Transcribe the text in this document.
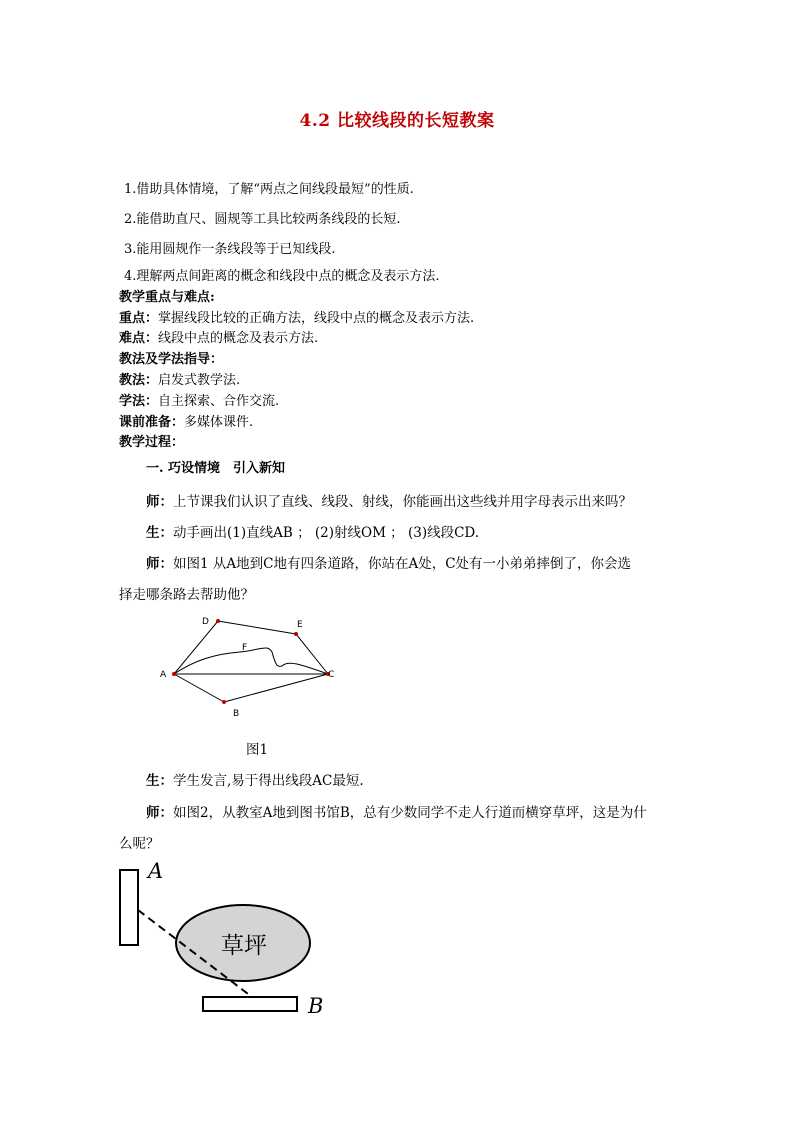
4.2 比较线段的长短教案
1.借助具体情境，了解“两点之间线段最短”的性质.
2.能借助直尺、圆规等工具比较两条线段的长短.
3.能用圆规作一条线段等于已知线段.
4.理解两点间距离的概念和线段中点的概念及表示方法.
教学重点与难点:
重点：掌握线段比较的正确方法，线段中点的概念及表示方法.
难点：线段中点的概念及表示方法.
教法及学法指导：
教法：启发式教学法.
学法：自主探索、合作交流.
课前准备：多媒体课件.
教学过程：
一. 巧设情境　引入新知
师：上节课我们认识了直线、线段、射线，你能画出这些线并用字母表示出来吗？
生：动手画出(1)直线AB ； (2)射线OM ； (3)线段CD.
师：如图1 从A地到C地有四条道路，你站在A处，C处有一小弟弟摔倒了，你会选
择走哪条路去帮助他？
A
D	E
F
C
B
图1
生：学生发言,易于得出线段AC最短.
师：如图2，从教室A地到图书馆B，总有少数同学不走人行道而横穿草坪，这是为什
么呢？
A
B
草坪
